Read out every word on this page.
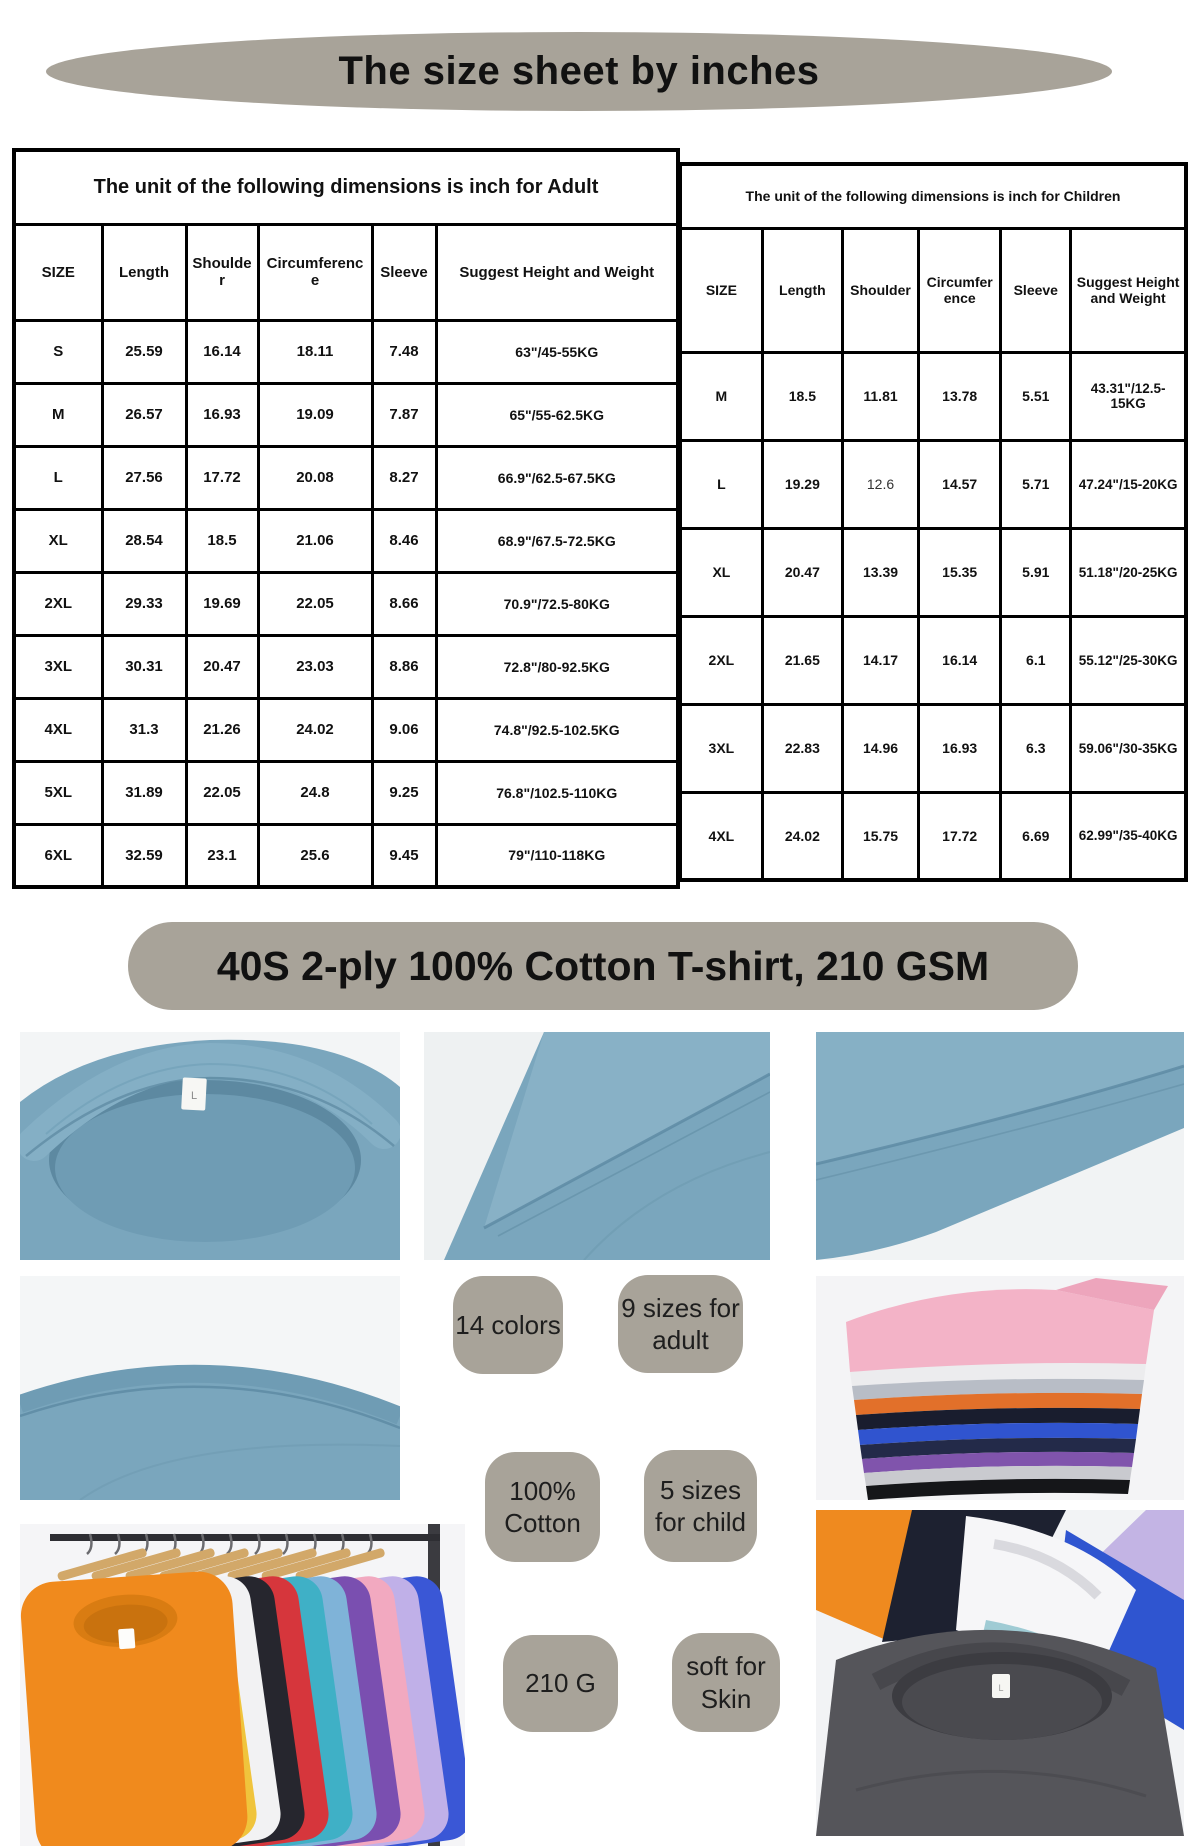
The size sheet by inches
The unit of the following dimensions is inch for Adult					
SIZE	Length	Shoulder	Circumference	Sleeve	Suggest Height and Weight
S	25.59	16.14	18.11	7.48	63"/45-55KG
M	26.57	16.93	19.09	7.87	65"/55-62.5KG
L	27.56	17.72	20.08	8.27	66.9"/62.5-67.5KG
XL	28.54	18.5	21.06	8.46	68.9"/67.5-72.5KG
2XL	29.33	19.69	22.05	8.66	70.9"/72.5-80KG
3XL	30.31	20.47	23.03	8.86	72.8"/80-92.5KG
4XL	31.3	21.26	24.02	9.06	74.8"/92.5-102.5KG
5XL	31.89	22.05	24.8	9.25	76.8"/102.5-110KG
6XL	32.59	23.1	25.6	9.45	79"/110-118KG
The unit of the following dimensions is inch for Children					
SIZE	Length	Shoulder	Circumference	Sleeve	Suggest Height and Weight
M	18.5	11.81	13.78	5.51	43.31"/12.5-15KG
L	19.29	12.6	14.57	5.71	47.24"/15-20KG
XL	20.47	13.39	15.35	5.91	51.18"/20-25KG
2XL	21.65	14.17	16.14	6.1	55.12"/25-30KG
3XL	22.83	14.96	16.93	6.3	59.06"/30-35KG
4XL	24.02	15.75	17.72	6.69	62.99"/35-40KG
40S 2-ply 100% Cotton T-shirt, 210 GSM
L
L
14 colors
9 sizes for adult
100% Cotton
5 sizes for child
210 G
soft for Skin
